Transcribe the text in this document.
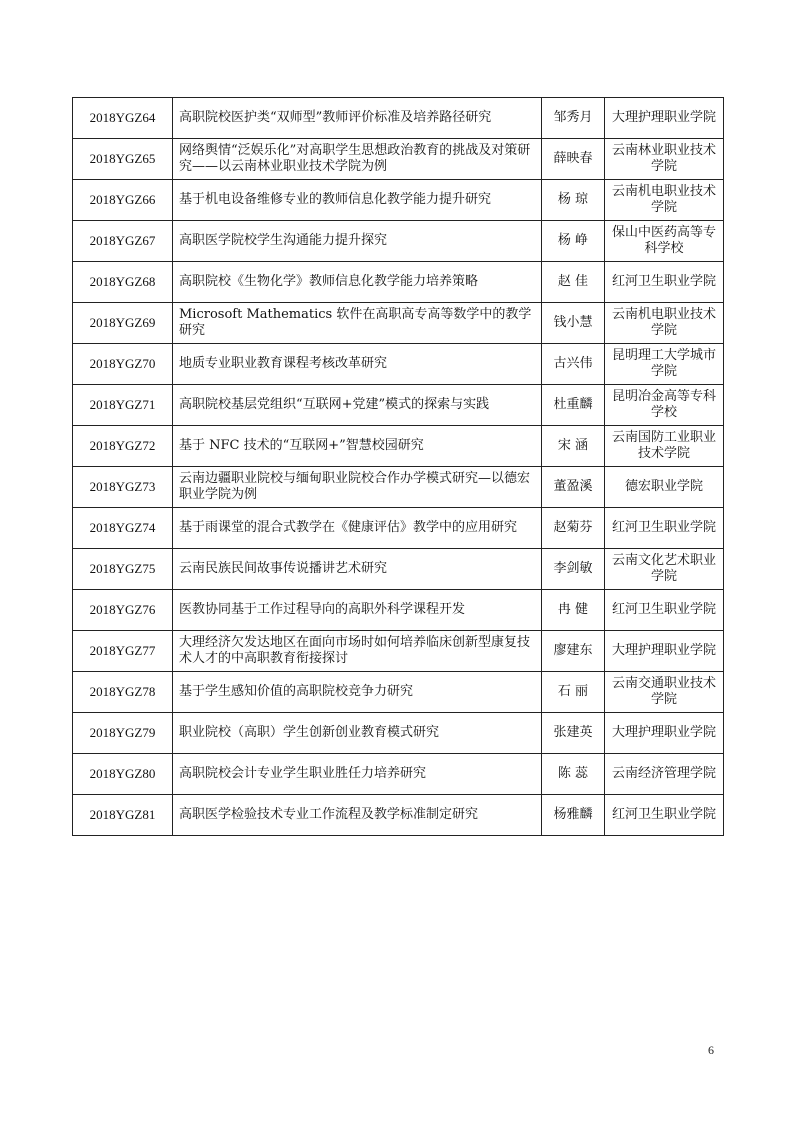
2018YGZ64	高职院校医护类“双师型”教师评价标准及培养路径研究	邹秀月	大理护理职业学院
2018YGZ65	网络舆情“泛娱乐化”对高职学生思想政治教育的挑战及对策研究——以云南林业职业技术学院为例	薛映春	云南林业职业技术学院
2018YGZ66	基于机电设备维修专业的教师信息化教学能力提升研究	杨 琼	云南机电职业技术学院
2018YGZ67	高职医学院校学生沟通能力提升探究	杨 峥	保山中医药高等专科学校
2018YGZ68	高职院校《生物化学》教师信息化教学能力培养策略	赵 佳	红河卫生职业学院
2018YGZ69	Microsoft Mathematics 软件在高职高专高等数学中的教学研究	钱小慧	云南机电职业技术学院
2018YGZ70	地质专业职业教育课程考核改革研究	古兴伟	昆明理工大学城市学院
2018YGZ71	高职院校基层党组织“互联网+党建”模式的探索与实践	杜重麟	昆明冶金高等专科学校
2018YGZ72	基于 NFC 技术的“互联网+”智慧校园研究	宋 涵	云南国防工业职业技术学院
2018YGZ73	云南边疆职业院校与缅甸职业院校合作办学模式研究—以德宏职业学院为例	董盈溪	德宏职业学院
2018YGZ74	基于雨课堂的混合式教学在《健康评估》教学中的应用研究	赵菊芬	红河卫生职业学院
2018YGZ75	云南民族民间故事传说播讲艺术研究	李剑敏	云南文化艺术职业学院
2018YGZ76	医教协同基于工作过程导向的高职外科学课程开发	冉 健	红河卫生职业学院
2018YGZ77	大理经济欠发达地区在面向市场时如何培养临床创新型康复技术人才的中高职教育衔接探讨	廖建东	大理护理职业学院
2018YGZ78	基于学生感知价值的高职院校竞争力研究	石 丽	云南交通职业技术学院
2018YGZ79	职业院校（高职）学生创新创业教育模式研究	张建英	大理护理职业学院
2018YGZ80	高职院校会计专业学生职业胜任力培养研究	陈 蕊	云南经济管理学院
2018YGZ81	高职医学检验技术专业工作流程及教学标准制定研究	杨雅麟	红河卫生职业学院
6
